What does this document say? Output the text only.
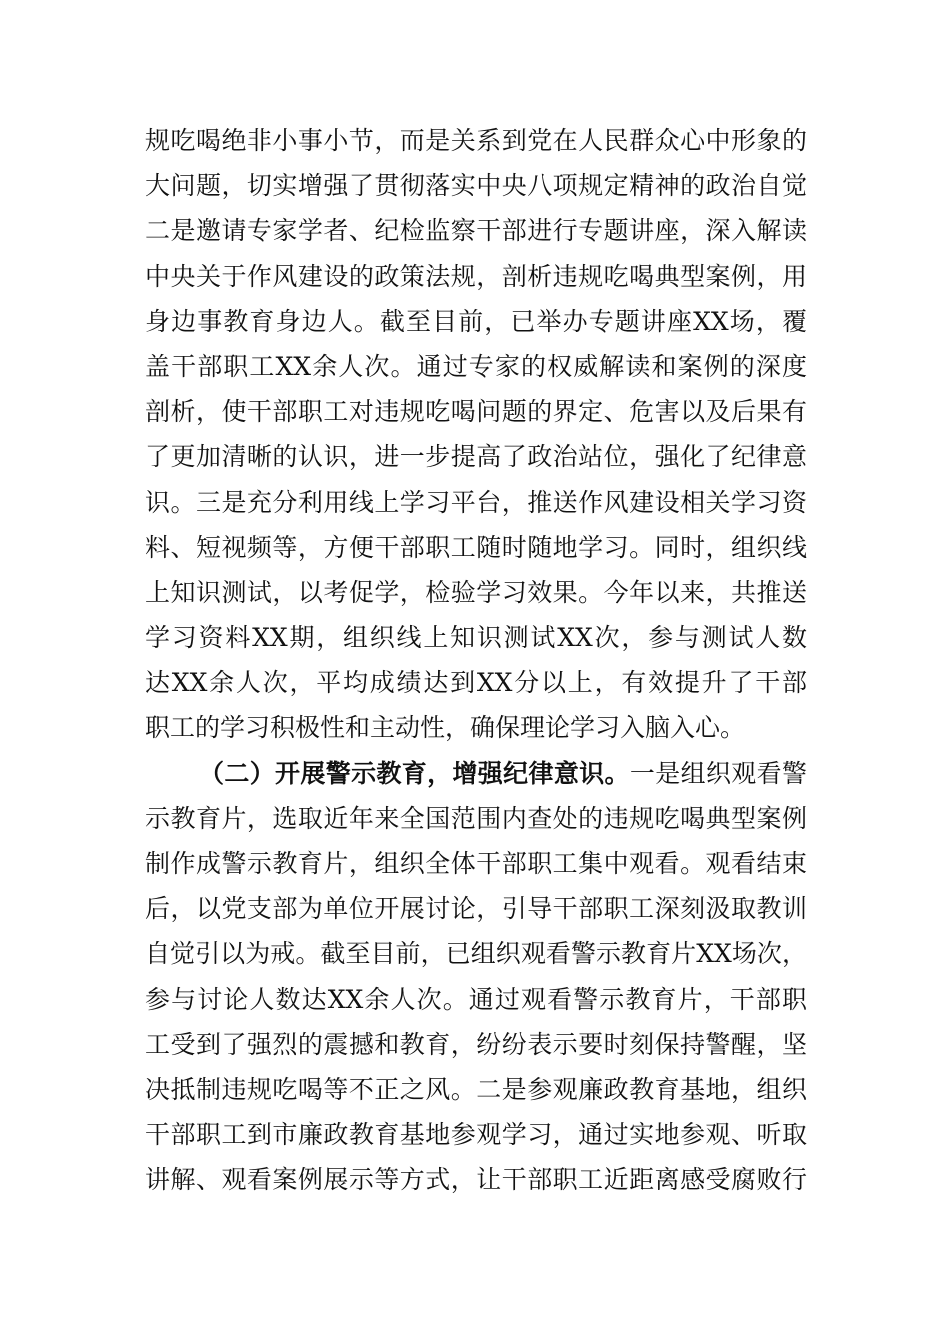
规吃喝绝非小事小节，而是关系到党在人民群众心中形象的
大问题，切实增强了贯彻落实中央八项规定精神的政治自觉
二是邀请专家学者、纪检监察干部进行专题讲座，深入解读
中央关于作风建设的政策法规，剖析违规吃喝典型案例，用
身边事教育身边人。截至目前，已举办专题讲座XX场，覆
盖干部职工XX余人次。通过专家的权威解读和案例的深度
剖析，使干部职工对违规吃喝问题的界定、危害以及后果有
了更加清晰的认识，进一步提高了政治站位，强化了纪律意
识。三是充分利用线上学习平台，推送作风建设相关学习资
料、短视频等，方便干部职工随时随地学习。同时，组织线
上知识测试，以考促学，检验学习效果。今年以来，共推送
学习资料XX期，组织线上知识测试XX次，参与测试人数
达XX余人次，平均成绩达到XX分以上，有效提升了干部
职工的学习积极性和主动性，确保理论学习入脑入心。
（二）开展警示教育，增强纪律意识。一是组织观看警
示教育片，选取近年来全国范围内查处的违规吃喝典型案例
制作成警示教育片，组织全体干部职工集中观看。观看结束
后，以党支部为单位开展讨论，引导干部职工深刻汲取教训
自觉引以为戒。截至目前，已组织观看警示教育片XX场次，
参与讨论人数达XX余人次。通过观看警示教育片，干部职
工受到了强烈的震撼和教育，纷纷表示要时刻保持警醒，坚
决抵制违规吃喝等不正之风。二是参观廉政教育基地，组织
干部职工到市廉政教育基地参观学习，通过实地参观、听取
讲解、观看案例展示等方式，让干部职工近距离感受腐败行
